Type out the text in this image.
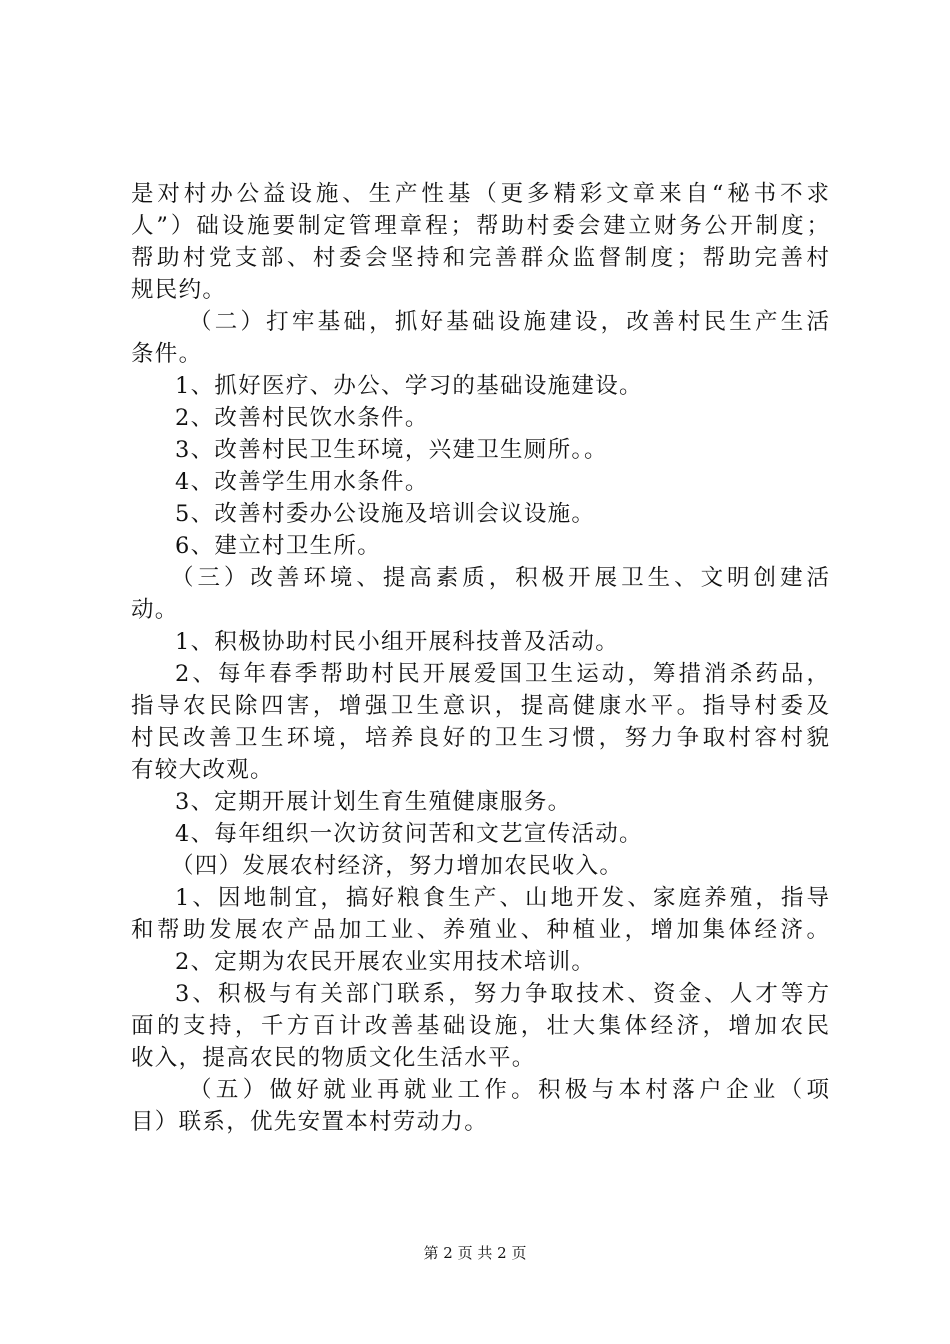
是对村办公益设施、生产性基（更多精彩文章来自“秘书不求
人”）础设施要制定管理章程；帮助村委会建立财务公开制度；
帮助村党支部、村委会坚持和完善群众监督制度；帮助完善村
规民约。
（二）打牢基础，抓好基础设施建设，改善村民生产生活
条件。
1、抓好医疗、办公、学习的基础设施建设。
2、改善村民饮水条件。
3、改善村民卫生环境，兴建卫生厕所。。
4、改善学生用水条件。
5、改善村委办公设施及培训会议设施。
6、建立村卫生所。
（三）改善环境、提高素质，积极开展卫生、文明创建活
动。
1、积极协助村民小组开展科技普及活动。
2、每年春季帮助村民开展爱国卫生运动，筹措消杀药品，
指导农民除四害，增强卫生意识，提高健康水平。指导村委及
村民改善卫生环境，培养良好的卫生习惯，努力争取村容村貌
有较大改观。
3、定期开展计划生育生殖健康服务。
4、每年组织一次访贫问苦和文艺宣传活动。
（四）发展农村经济，努力增加农民收入。
1、因地制宜，搞好粮食生产、山地开发、家庭养殖，指导
和帮助发展农产品加工业、养殖业、种植业，增加集体经济。
2、定期为农民开展农业实用技术培训。
3、积极与有关部门联系，努力争取技术、资金、人才等方
面的支持，千方百计改善基础设施，壮大集体经济，增加农民
收入，提高农民的物质文化生活水平。
（五）做好就业再就业工作。积极与本村落户企业（项
目）联系，优先安置本村劳动力。
第 2 页 共 2 页
